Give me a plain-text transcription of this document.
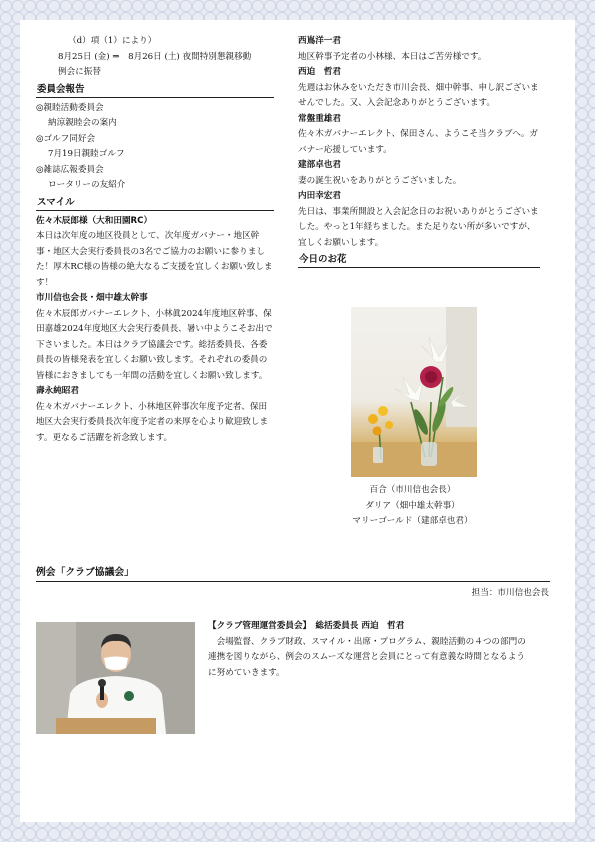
（d）項（1）により）

8月25日 (金) ⇒　8月26日 (土) 夜間特別懇親移動

例会に振替

委員会報告

◎親睦活動委員会

納涼親睦会の案内

◎ゴルフ同好会

7月19日親睦ゴルフ

◎雑誌広報委員会

ロータリーの友紹介

スマイル

佐々木辰郎様（大和田園RC）

本日は次年度の地区役員として、次年度ガバナー・地区幹事・地区大会実行委員長の3名でご協力のお願いに参りました！厚木RC様の皆様の絶大なるご支援を宜しくお願い致します！

市川信也会長・畑中雄太幹事

佐々木辰郎ガバナーエレクト、小林眞2024年度地区幹事、保田嘉雄2024年度地区大会実行委員長、暑い中ようこそお出で下さいました。本日はクラブ協議会です。総括委員長、各委員長の皆様発表を宜しくお願い致します。それぞれの委員の皆様におきましても一年間の活動を宜しくお願い致します。

壽永純昭君

佐々木ガバナーエレクト、小林地区幹事次年度予定者、保田地区大会実行委員長次年度予定者の来厚を心より歓迎致します。更なるご活躍を祈念致します。

西嶌洋一君

地区幹事予定者の小林様、本日はご苦労様です。

西迫　哲君

先週はお休みをいただき市川会長、畑中幹事、申し訳ございませんでした。又、入会記念ありがとうございます。

常盤重雄君

佐々木ガバナーエレクト、保田さん、ようこそ当クラブへ。ガバナー応援しています。

建部卓也君

妻の誕生祝いをありがとうございました。

内田幸宏君

先日は、事業所開設と入会記念日のお祝いありがとうございました。やっと1年経ちました。また足りない所が多いですが、宜しくお願いします。

今日のお花

百合（市川信也会長）

ダリア（畑中雄太幹事）

マリーゴールド（建部卓也君）

例会「クラブ協議会」
担当：市川信也会長

【クラブ管理運営委員会】　総括委員長 西迫　哲君

会場監督、クラブ財政、スマイル・出席・プログラム、親睦活動の４つの部門の連携を図りながら、例会のスムーズな運営と会員にとって有意義な時間となるように努めていきます。
